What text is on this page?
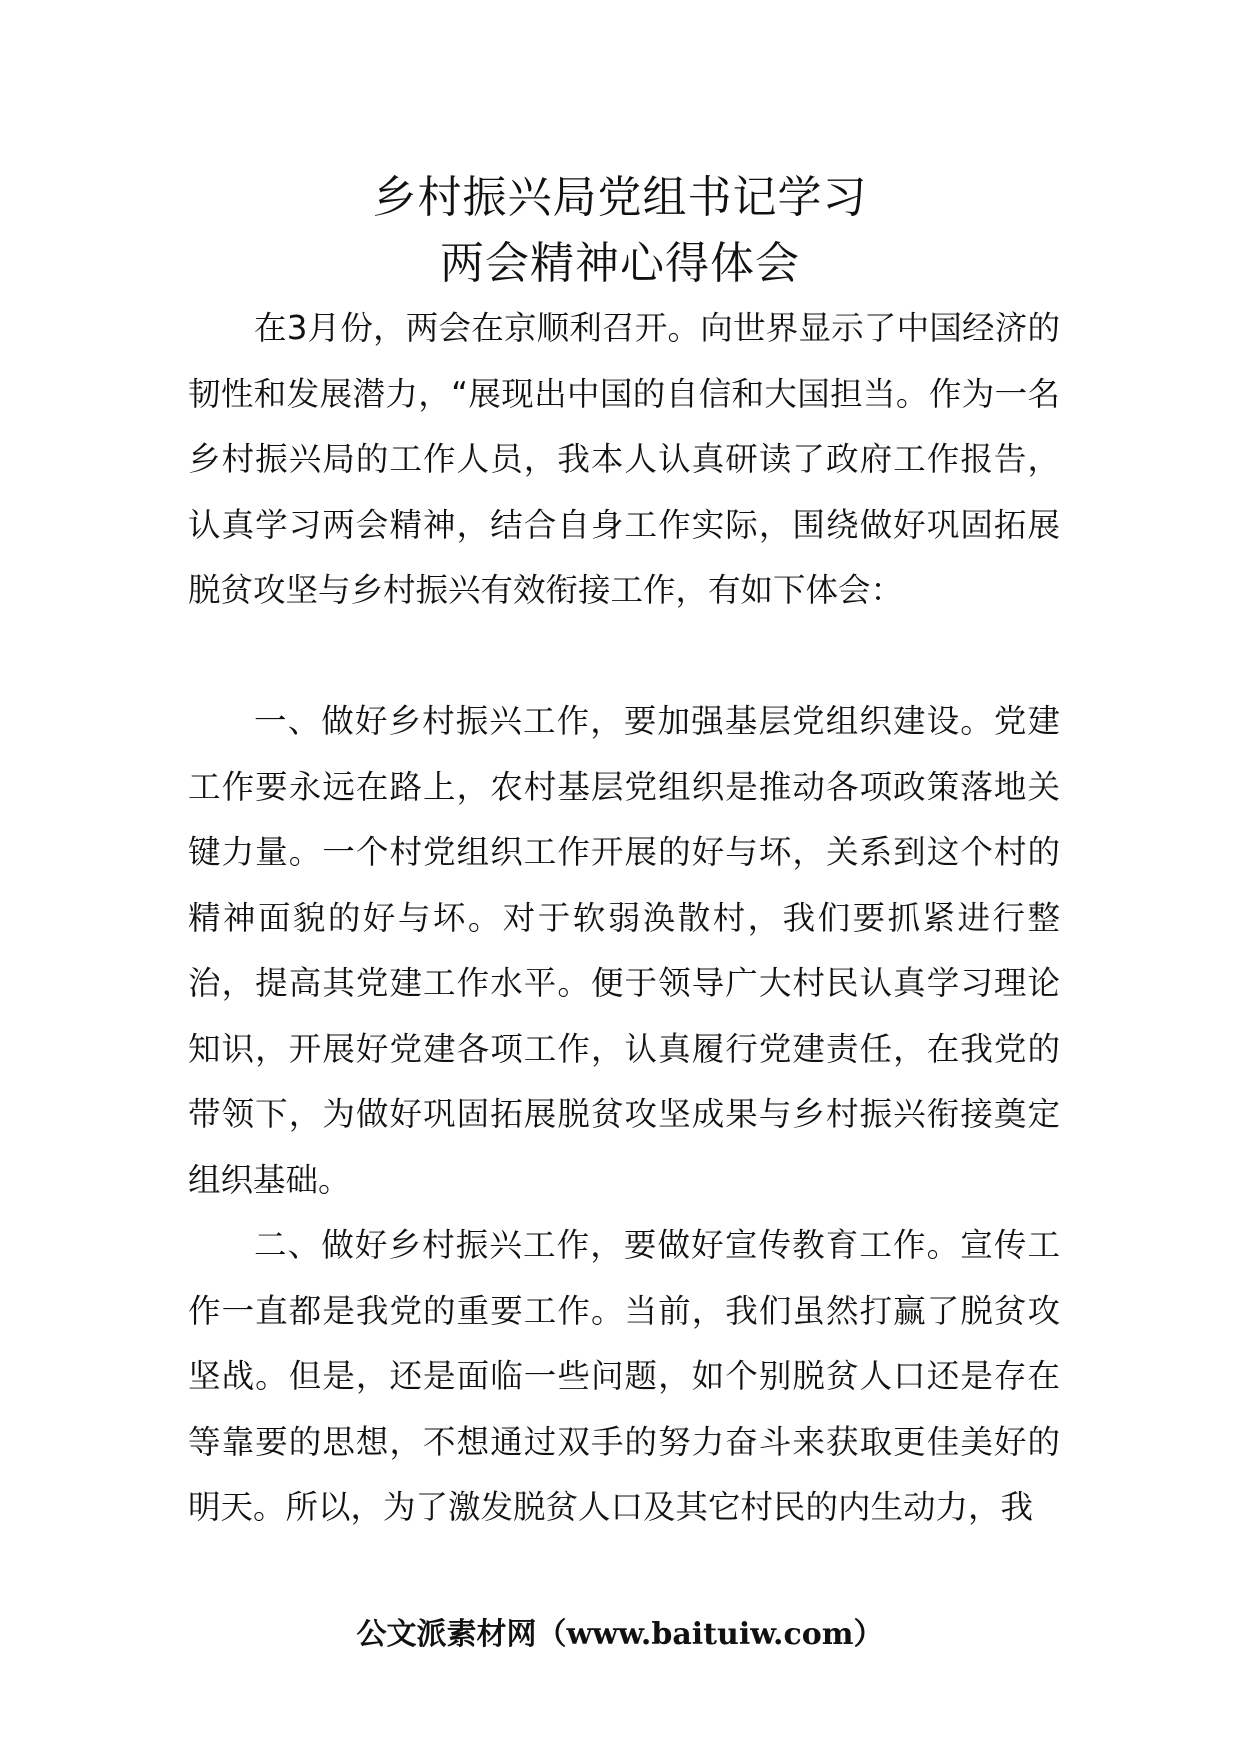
乡村振兴局党组书记学习
两会精神心得体会

在3月份，两会在京顺利召开。向世界显示了中国经济的韧性和发展潜力，“展现出中国的自信和大国担当。作为一名乡村振兴局的工作人员，我本人认真研读了政府工作报告，认真学习两会精神，结合自身工作实际，围绕做好巩固拓展脱贫攻坚与乡村振兴有效衔接工作，有如下体会：

一、做好乡村振兴工作，要加强基层党组织建设。党建工作要永远在路上，农村基层党组织是推动各项政策落地关键力量。一个村党组织工作开展的好与坏，关系到这个村的精神面貌的好与坏。对于软弱涣散村，我们要抓紧进行整治，提高其党建工作水平。便于领导广大村民认真学习理论知识，开展好党建各项工作，认真履行党建责任，在我党的带领下，为做好巩固拓展脱贫攻坚成果与乡村振兴衔接奠定组织基础。

二、做好乡村振兴工作，要做好宣传教育工作。宣传工作一直都是我党的重要工作。当前，我们虽然打赢了脱贫攻坚战。但是，还是面临一些问题，如个别脱贫人口还是存在等靠要的思想，不想通过双手的努力奋斗来获取更佳美好的明天。所以，为了激发脱贫人口及其它村民的内生动力，我

公文派素材网（www.baituiw.com）
